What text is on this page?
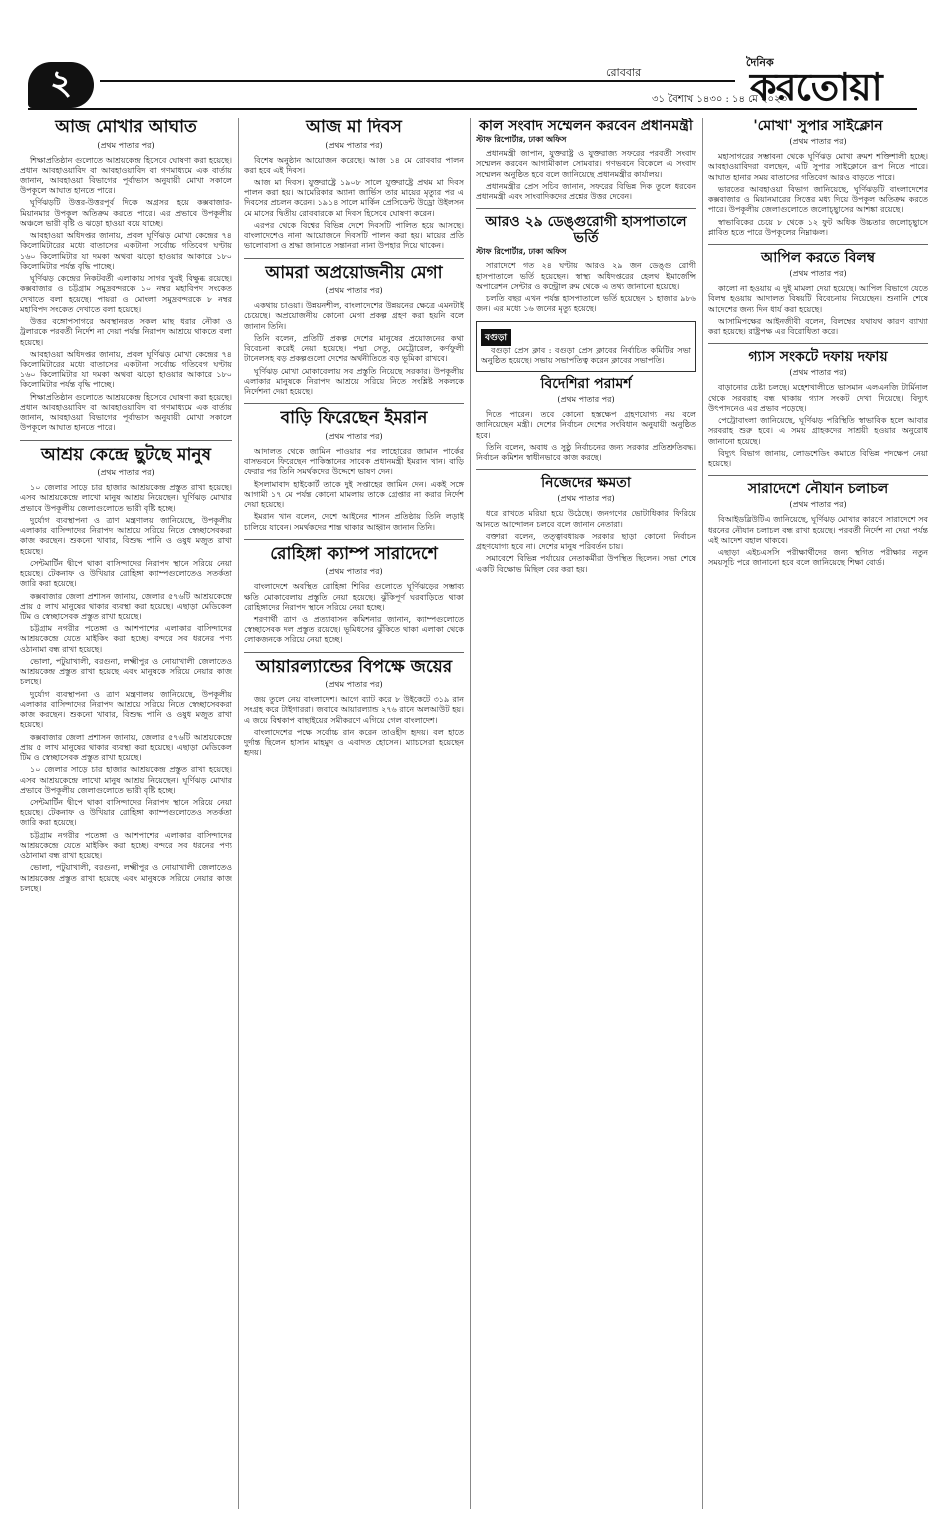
২	রোববার
৩১ বৈশাখ ১৪৩০ : ১৪ মে ২০২৩
দৈনিক
করতোয়া
আজ মোখার আঘাত
(প্রথম পাতার পর)

শিক্ষাপ্রতিষ্ঠান গুলোতে আশ্রয়কেন্দ্র হিসেবে ঘোষণা করা হয়েছে। প্রধান আবহাওয়াবিদ বা আবহাওয়াবিদ বা গণমাধ্যমে এক বার্তায় জানান, আবহাওয়া বিভাগের পূর্বাভাস অনুযায়ী মোখা সকালে উপকূলে আঘাত হানতে পারে।

ঘূর্ণিঝড়টি উত্তর-উত্তরপূর্ব দিকে অগ্রসর হয়ে কক্সবাজার-মিয়ানমার উপকূল অতিক্রম করতে পারে। এর প্রভাবে উপকূলীয় অঞ্চলে ভারী বৃষ্টি ও ঝড়ো হাওয়া বয়ে যাচ্ছে।

আবহাওয়া অধিদপ্তর জানায়, প্রবল ঘূর্ণিঝড় মোখা কেন্দ্রের ৭৪ কিলোমিটারের মধ্যে বাতাসের একটানা সর্বোচ্চ গতিবেগ ঘণ্টায় ১৬০ কিলোমিটার যা দমকা অথবা ঝড়ো হাওয়ার আকারে ১৮০ কিলোমিটার পর্যন্ত বৃদ্ধি পাচ্ছে।

ঘূর্ণিঝড় কেন্দ্রের নিকটবর্তী এলাকায় সাগর খুবই বিক্ষুব্ধ রয়েছে। কক্সবাজার ও চট্টগ্রাম সমুদ্রবন্দরকে ১০ নম্বর মহাবিপদ সংকেত দেখাতে বলা হয়েছে। পায়রা ও মোংলা সমুদ্রবন্দরকে ৮ নম্বর মহাবিপদ সংকেত দেখাতে বলা হয়েছে।

উত্তর বঙ্গোপসাগরে অবস্থানরত সকল মাছ ধরার নৌকা ও ট্রলারকে পরবর্তী নির্দেশ না দেয়া পর্যন্ত নিরাপদ আশ্রয়ে থাকতে বলা হয়েছে।

আবহাওয়া অধিদপ্তর জানায়, প্রবল ঘূর্ণিঝড় মোখা কেন্দ্রের ৭৪ কিলোমিটারের মধ্যে বাতাসের একটানা সর্বোচ্চ গতিবেগ ঘণ্টায় ১৬০ কিলোমিটার যা দমকা অথবা ঝড়ো হাওয়ার আকারে ১৮০ কিলোমিটার পর্যন্ত বৃদ্ধি পাচ্ছে।

শিক্ষাপ্রতিষ্ঠান গুলোতে আশ্রয়কেন্দ্র হিসেবে ঘোষণা করা হয়েছে। প্রধান আবহাওয়াবিদ বা আবহাওয়াবিদ বা গণমাধ্যমে এক বার্তায় জানান, আবহাওয়া বিভাগের পূর্বাভাস অনুযায়ী মোখা সকালে উপকূলে আঘাত হানতে পারে।

আশ্রয় কেন্দ্রে ছুটছে মানুষ
(প্রথম পাতার পর)

১০ জেলার সাড়ে চার হাজার আশ্রয়কেন্দ্র প্রস্তুত রাখা হয়েছে। এসব আশ্রয়কেন্দ্রে লাখো মানুষ আশ্রয় নিয়েছেন। ঘূর্ণিঝড় মোখার প্রভাবে উপকূলীয় জেলাগুলোতে ভারী বৃষ্টি হচ্ছে।

দুর্যোগ ব্যবস্থাপনা ও ত্রাণ মন্ত্রণালয় জানিয়েছে, উপকূলীয় এলাকার বাসিন্দাদের নিরাপদ আশ্রয়ে সরিয়ে নিতে স্বেচ্ছাসেবকরা কাজ করছেন। শুকনো খাবার, বিশুদ্ধ পানি ও ওষুধ মজুত রাখা হয়েছে।

সেন্টমার্টিন দ্বীপে থাকা বাসিন্দাদের নিরাপদ স্থানে সরিয়ে নেয়া হয়েছে। টেকনাফ ও উখিয়ার রোহিঙ্গা ক্যাম্পগুলোতেও সতর্কতা জারি করা হয়েছে।

কক্সবাজার জেলা প্রশাসন জানায়, জেলার ৫৭৬টি আশ্রয়কেন্দ্রে প্রায় ৫ লাখ মানুষের থাকার ব্যবস্থা করা হয়েছে। এছাড়া মেডিকেল টিম ও স্বেচ্ছাসেবক প্রস্তুত রাখা হয়েছে।

চট্টগ্রাম নগরীর পতেঙ্গা ও আশপাশের এলাকার বাসিন্দাদের আশ্রয়কেন্দ্রে যেতে মাইকিং করা হচ্ছে। বন্দরে সব ধরনের পণ্য ওঠানামা বন্ধ রাখা হয়েছে।

ভোলা, পটুয়াখালী, বরগুনা, লক্ষ্মীপুর ও নোয়াখালী জেলাতেও আশ্রয়কেন্দ্র প্রস্তুত রাখা হয়েছে এবং মানুষকে সরিয়ে নেয়ার কাজ চলছে।

দুর্যোগ ব্যবস্থাপনা ও ত্রাণ মন্ত্রণালয় জানিয়েছে, উপকূলীয় এলাকার বাসিন্দাদের নিরাপদ আশ্রয়ে সরিয়ে নিতে স্বেচ্ছাসেবকরা কাজ করছেন। শুকনো খাবার, বিশুদ্ধ পানি ও ওষুধ মজুত রাখা হয়েছে।

কক্সবাজার জেলা প্রশাসন জানায়, জেলার ৫৭৬টি আশ্রয়কেন্দ্রে প্রায় ৫ লাখ মানুষের থাকার ব্যবস্থা করা হয়েছে। এছাড়া মেডিকেল টিম ও স্বেচ্ছাসেবক প্রস্তুত রাখা হয়েছে।

১০ জেলার সাড়ে চার হাজার আশ্রয়কেন্দ্র প্রস্তুত রাখা হয়েছে। এসব আশ্রয়কেন্দ্রে লাখো মানুষ আশ্রয় নিয়েছেন। ঘূর্ণিঝড় মোখার প্রভাবে উপকূলীয় জেলাগুলোতে ভারী বৃষ্টি হচ্ছে।

সেন্টমার্টিন দ্বীপে থাকা বাসিন্দাদের নিরাপদ স্থানে সরিয়ে নেয়া হয়েছে। টেকনাফ ও উখিয়ার রোহিঙ্গা ক্যাম্পগুলোতেও সতর্কতা জারি করা হয়েছে।

চট্টগ্রাম নগরীর পতেঙ্গা ও আশপাশের এলাকার বাসিন্দাদের আশ্রয়কেন্দ্রে যেতে মাইকিং করা হচ্ছে। বন্দরে সব ধরনের পণ্য ওঠানামা বন্ধ রাখা হয়েছে।

ভোলা, পটুয়াখালী, বরগুনা, লক্ষ্মীপুর ও নোয়াখালী জেলাতেও আশ্রয়কেন্দ্র প্রস্তুত রাখা হয়েছে এবং মানুষকে সরিয়ে নেয়ার কাজ চলছে।

আজ মা দিবস
(প্রথম পাতার পর)

বিশেষ অনুষ্ঠান আয়োজন করেছে। আজ ১৪ মে রোববার পালন করা হবে এই দিবস।

আজ মা দিবস। যুক্তরাষ্ট্রে ১৯০৮ সালে যুক্তরাষ্ট্রে প্রথম মা দিবস পালন করা হয়। আমেরিকার অ্যানা জার্ভিস তার মায়ের মৃত্যুর পর এ দিবসের প্রচলন করেন। ১৯১৪ সালে মার্কিন প্রেসিডেন্ট উড্রো উইলসন মে মাসের দ্বিতীয় রোববারকে মা দিবস হিসেবে ঘোষণা করেন।

এরপর থেকে বিশ্বের বিভিন্ন দেশে দিবসটি পালিত হয়ে আসছে। বাংলাদেশেও নানা আয়োজনে দিবসটি পালন করা হয়। মায়ের প্রতি ভালোবাসা ও শ্রদ্ধা জানাতে সন্তানরা নানা উপহার দিয়ে থাকেন।

আমরা অপ্রয়োজনীয় মেগা
(প্রথম পাতার পর)

একথায় চাওয়া। উন্নয়নশীল, বাংলাদেশের উন্নয়নের ক্ষেত্রে এমনটাই চেয়েছে। অপ্রয়োজনীয় কোনো মেগা প্রকল্প গ্রহণ করা হয়নি বলে জানান তিনি।

তিনি বলেন, প্রতিটি প্রকল্প দেশের মানুষের প্রয়োজনের কথা বিবেচনা করেই নেয়া হয়েছে। পদ্মা সেতু, মেট্রোরেল, কর্ণফুলী টানেলসহ বড় প্রকল্পগুলো দেশের অর্থনীতিতে বড় ভূমিকা রাখবে।

ঘূর্ণিঝড় মোখা মোকাবেলায় সব প্রস্তুতি নিয়েছে সরকার। উপকূলীয় এলাকার মানুষকে নিরাপদ আশ্রয়ে সরিয়ে নিতে সংশ্লিষ্ট সকলকে নির্দেশনা দেয়া হয়েছে।

বাড়ি ফিরেছেন ইমরান
(প্রথম পাতার পর)

আদালত থেকে জামিন পাওয়ার পর লাহোরের জামান পার্কের বাসভবনে ফিরেছেন পাকিস্তানের সাবেক প্রধানমন্ত্রী ইমরান খান। বাড়ি ফেরার পর তিনি সমর্থকদের উদ্দেশে ভাষণ দেন।

ইসলামাবাদ হাইকোর্ট তাকে দুই সপ্তাহের জামিন দেন। একই সঙ্গে আগামী ১৭ মে পর্যন্ত কোনো মামলায় তাকে গ্রেপ্তার না করার নির্দেশ দেয়া হয়েছে।

ইমরান খান বলেন, দেশে আইনের শাসন প্রতিষ্ঠায় তিনি লড়াই চালিয়ে যাবেন। সমর্থকদের শান্ত থাকার আহ্বান জানান তিনি।

রোহিঙ্গা ক্যাম্প সারাদেশে
(প্রথম পাতার পর)

বাংলাদেশে অবস্থিত রোহিঙ্গা শিবির গুলোতে ঘূর্ণিঝড়ের সম্ভাব্য ক্ষতি মোকাবেলায় প্রস্তুতি নেয়া হয়েছে। ঝুঁকিপূর্ণ ঘরবাড়িতে থাকা রোহিঙ্গাদের নিরাপদ স্থানে সরিয়ে নেয়া হচ্ছে।

শরণার্থী ত্রাণ ও প্রত্যাবাসন কমিশনার জানান, ক্যাম্পগুলোতে স্বেচ্ছাসেবক দল প্রস্তুত রয়েছে। ভূমিধসের ঝুঁকিতে থাকা এলাকা থেকে লোকজনকে সরিয়ে নেয়া হচ্ছে।

আয়ারল্যান্ডের বিপক্ষে জয়ের
(প্রথম পাতার পর)

জয় তুলে নেয় বাংলাদেশ। আগে ব্যাট করে ৮ উইকেটে ৩১৯ রান সংগ্রহ করে টাইগাররা। জবাবে আয়ারল্যান্ড ২৭৬ রানে অলআউট হয়। এ জয়ে বিশ্বকাপ বাছাইয়ের সমীকরণে এগিয়ে গেল বাংলাদেশ।

বাংলাদেশের পক্ষে সর্বোচ্চ রান করেন তাওহীদ হৃদয়। বল হাতে দুর্দান্ত ছিলেন হাসান মাহমুদ ও এবাদত হোসেন। ম্যাচসেরা হয়েছেন হৃদয়।

কাল সংবাদ সম্মেলন করবেন প্রধানমন্ত্রী
স্টাফ রিপোর্টার, ঢাকা অফিস

প্রধানমন্ত্রী জাপান, যুক্তরাষ্ট্র ও যুক্তরাজ্য সফরের পরবর্তী সংবাদ সম্মেলন করবেন আগামীকাল সোমবার। গণভবনে বিকেলে এ সংবাদ সম্মেলন অনুষ্ঠিত হবে বলে জানিয়েছে প্রধানমন্ত্রীর কার্যালয়।

প্রধানমন্ত্রীর প্রেস সচিব জানান, সফরের বিভিন্ন দিক তুলে ধরবেন প্রধানমন্ত্রী এবং সাংবাদিকদের প্রশ্নের উত্তর দেবেন।

আরও ২৯ ডেঙ্গুরোগী হাসপাতালে ভর্তি
স্টাফ রিপোর্টার, ঢাকা অফিস

সারাদেশে গত ২৪ ঘণ্টায় আরও ২৯ জন ডেঙ্গু রোগী হাসপাতালে ভর্তি হয়েছেন। স্বাস্থ্য অধিদপ্তরের হেলথ ইমার্জেন্সি অপারেশন সেন্টার ও কন্ট্রোল রুম থেকে এ তথ্য জানানো হয়েছে।

চলতি বছর এখন পর্যন্ত হাসপাতালে ভর্তি হয়েছেন ১ হাজার ৯৮৬ জন। এর মধ্যে ১৬ জনের মৃত্যু হয়েছে।

বগুড়া

বগুড়া প্রেস ক্লাব : বগুড়া প্রেস ক্লাবের নির্বাচিত কমিটির সভা অনুষ্ঠিত হয়েছে। সভায় সভাপতিত্ব করেন ক্লাবের সভাপতি।

বিদেশিরা পরামর্শ
(প্রথম পাতার পর)

দিতে পারেন। তবে কোনো হস্তক্ষেপ গ্রহণযোগ্য নয় বলে জানিয়েছেন মন্ত্রী। দেশের নির্বাচন দেশের সংবিধান অনুযায়ী অনুষ্ঠিত হবে।

তিনি বলেন, অবাধ ও সুষ্ঠু নির্বাচনের জন্য সরকার প্রতিশ্রুতিবদ্ধ। নির্বাচন কমিশন স্বাধীনভাবে কাজ করছে।

নিজেদের ক্ষমতা
(প্রথম পাতার পর)

ধরে রাখতে মরিয়া হয়ে উঠেছে। জনগণের ভোটাধিকার ফিরিয়ে আনতে আন্দোলন চলবে বলে জানান নেতারা।

বক্তারা বলেন, তত্ত্বাবধায়ক সরকার ছাড়া কোনো নির্বাচন গ্রহণযোগ্য হবে না। দেশের মানুষ পরিবর্তন চায়।

সমাবেশে বিভিন্ন পর্যায়ের নেতাকর্মীরা উপস্থিত ছিলেন। সভা শেষে একটি বিক্ষোভ মিছিল বের করা হয়।

'মোখা' সুপার সাইক্লোন
(প্রথম পাতার পর)

মহাসাগরের সম্ভাবনা থেকে ঘূর্ণিঝড় মোখা ক্রমশ শক্তিশালী হচ্ছে। আবহাওয়াবিদরা বলছেন, এটি সুপার সাইক্লোনে রূপ নিতে পারে। আঘাত হানার সময় বাতাসের গতিবেগ আরও বাড়তে পারে।

ভারতের আবহাওয়া বিভাগ জানিয়েছে, ঘূর্ণিঝড়টি বাংলাদেশের কক্সবাজার ও মিয়ানমারের সিত্তের মধ্য দিয়ে উপকূল অতিক্রম করতে পারে। উপকূলীয় জেলাগুলোতে জলোচ্ছ্বাসের আশঙ্কা রয়েছে।

স্বাভাবিকের চেয়ে ৮ থেকে ১২ ফুট অধিক উচ্চতার জলোচ্ছ্বাসে প্লাবিত হতে পারে উপকূলের নিম্নাঞ্চল।

আপিল করতে বিলম্ব
(প্রথম পাতার পর)

কালো না হওয়ায় এ দুই মামলা দেয়া হয়েছে। আপিল বিভাগে যেতে বিলম্ব হওয়ায় আদালত বিষয়টি বিবেচনায় নিয়েছেন। শুনানি শেষে আদেশের জন্য দিন ধার্য করা হয়েছে।

আসামিপক্ষের আইনজীবী বলেন, বিলম্বের যথাযথ কারণ ব্যাখ্যা করা হয়েছে। রাষ্ট্রপক্ষ এর বিরোধিতা করে।

গ্যাস সংকটে দফায় দফায়
(প্রথম পাতার পর)

বাড়ানোর চেষ্টা চলছে। মহেশখালীতে ভাসমান এলএনজি টার্মিনাল থেকে সরবরাহ বন্ধ থাকায় গ্যাস সংকট দেখা দিয়েছে। বিদ্যুৎ উৎপাদনেও এর প্রভাব পড়েছে।

পেট্রোবাংলা জানিয়েছে, ঘূর্ণিঝড় পরিস্থিতি স্বাভাবিক হলে আবার সরবরাহ শুরু হবে। এ সময় গ্রাহকদের সাশ্রয়ী হওয়ার অনুরোধ জানানো হয়েছে।

বিদ্যুৎ বিভাগ জানায়, লোডশেডিং কমাতে বিভিন্ন পদক্ষেপ নেয়া হয়েছে।

সারাদেশে নৌযান চলাচল
(প্রথম পাতার পর)

বিআইডব্লিউটিএ জানিয়েছে, ঘূর্ণিঝড় মোখার কারণে সারাদেশে সব ধরনের নৌযান চলাচল বন্ধ রাখা হয়েছে। পরবর্তী নির্দেশ না দেয়া পর্যন্ত এই আদেশ বহাল থাকবে।

এছাড়া এইচএসসি পরীক্ষার্থীদের জন্য স্থগিত পরীক্ষার নতুন সময়সূচি পরে জানানো হবে বলে জানিয়েছে শিক্ষা বোর্ড।
